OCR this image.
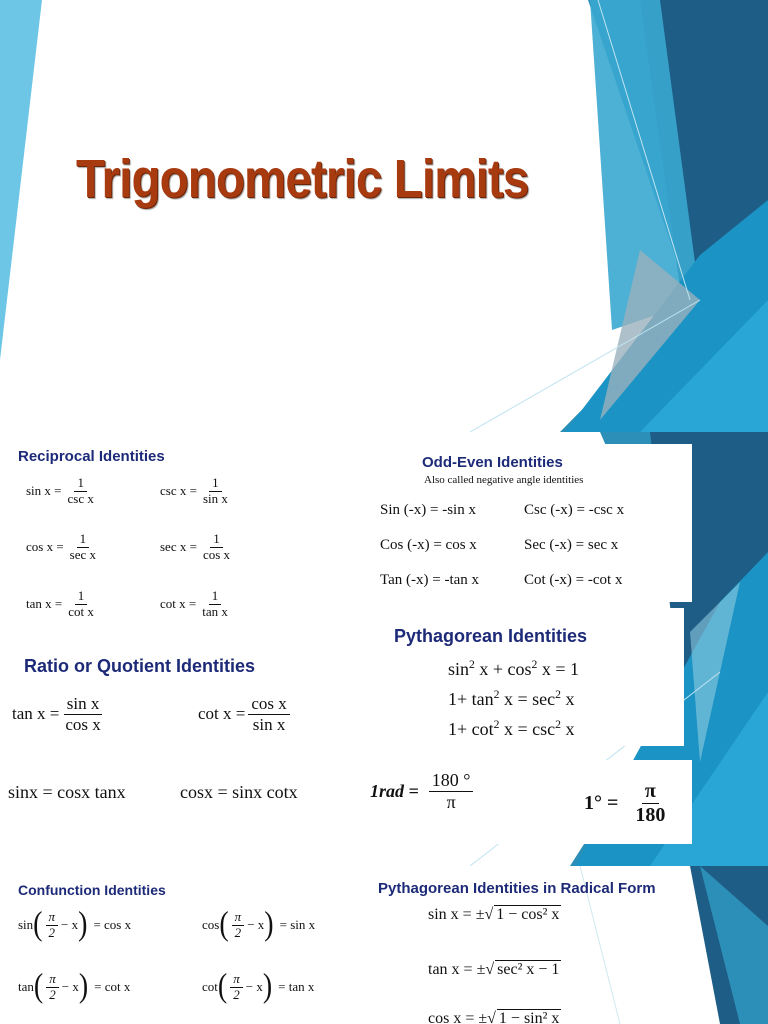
Trigonometric Limits
Reciprocal Identities
$\sin x = \frac{1}{\text{csc x}}$	$\csc x = \frac{1}{\text{sin x}}$
$\cos x = \frac{1}{\text{sec x}}$	$\sec x = \frac{1}{\text{cos x}}$
$\tan x = \frac{1}{\text{cot x}}$	$\cot x = \frac{1}{\text{tan x}}$
Ratio or Quotient Identities
$\tan x = \frac{\text{sin x}}{\text{cos x}}$	$\cot x = \frac{\text{cos x}}{\text{sin x}}$
sinx = cosx tanx	cosx = sinx cotx
Odd-Even Identities
Also called negative angle identities
Sin (-x) = -sin x	Csc (-x) = -csc x
Cos (-x) = cos x	Sec (-x) = sec x
Tan (-x) = -tan x	Cot (-x) = -cot x
Pythagorean Identities
$\sin^2 x + \cos^2 x = 1$
$1+ \tan^2 x = \sec^2 x$
$1+ \cot^2 x = \csc^2 x$
$1rad = \frac{180 ^\circ}{\pi}$	$1^\circ = \frac{\pi}{180}$
Confunction Identities
sin ( $\frac{\pi}{2} - x$ ) = cos x	cos ( $\frac{\pi}{2} - x$ ) = sin x
tan ( $\frac{\pi}{2} - x$ ) = cot x	cot ( $\frac{\pi}{2} - x$ ) = tan x
Pythagorean Identities in Radical Form
sin x = ±√ 1 − cos² x
tan x = ±√ sec² x − 1
cos x = ±√ 1 − sin² x
